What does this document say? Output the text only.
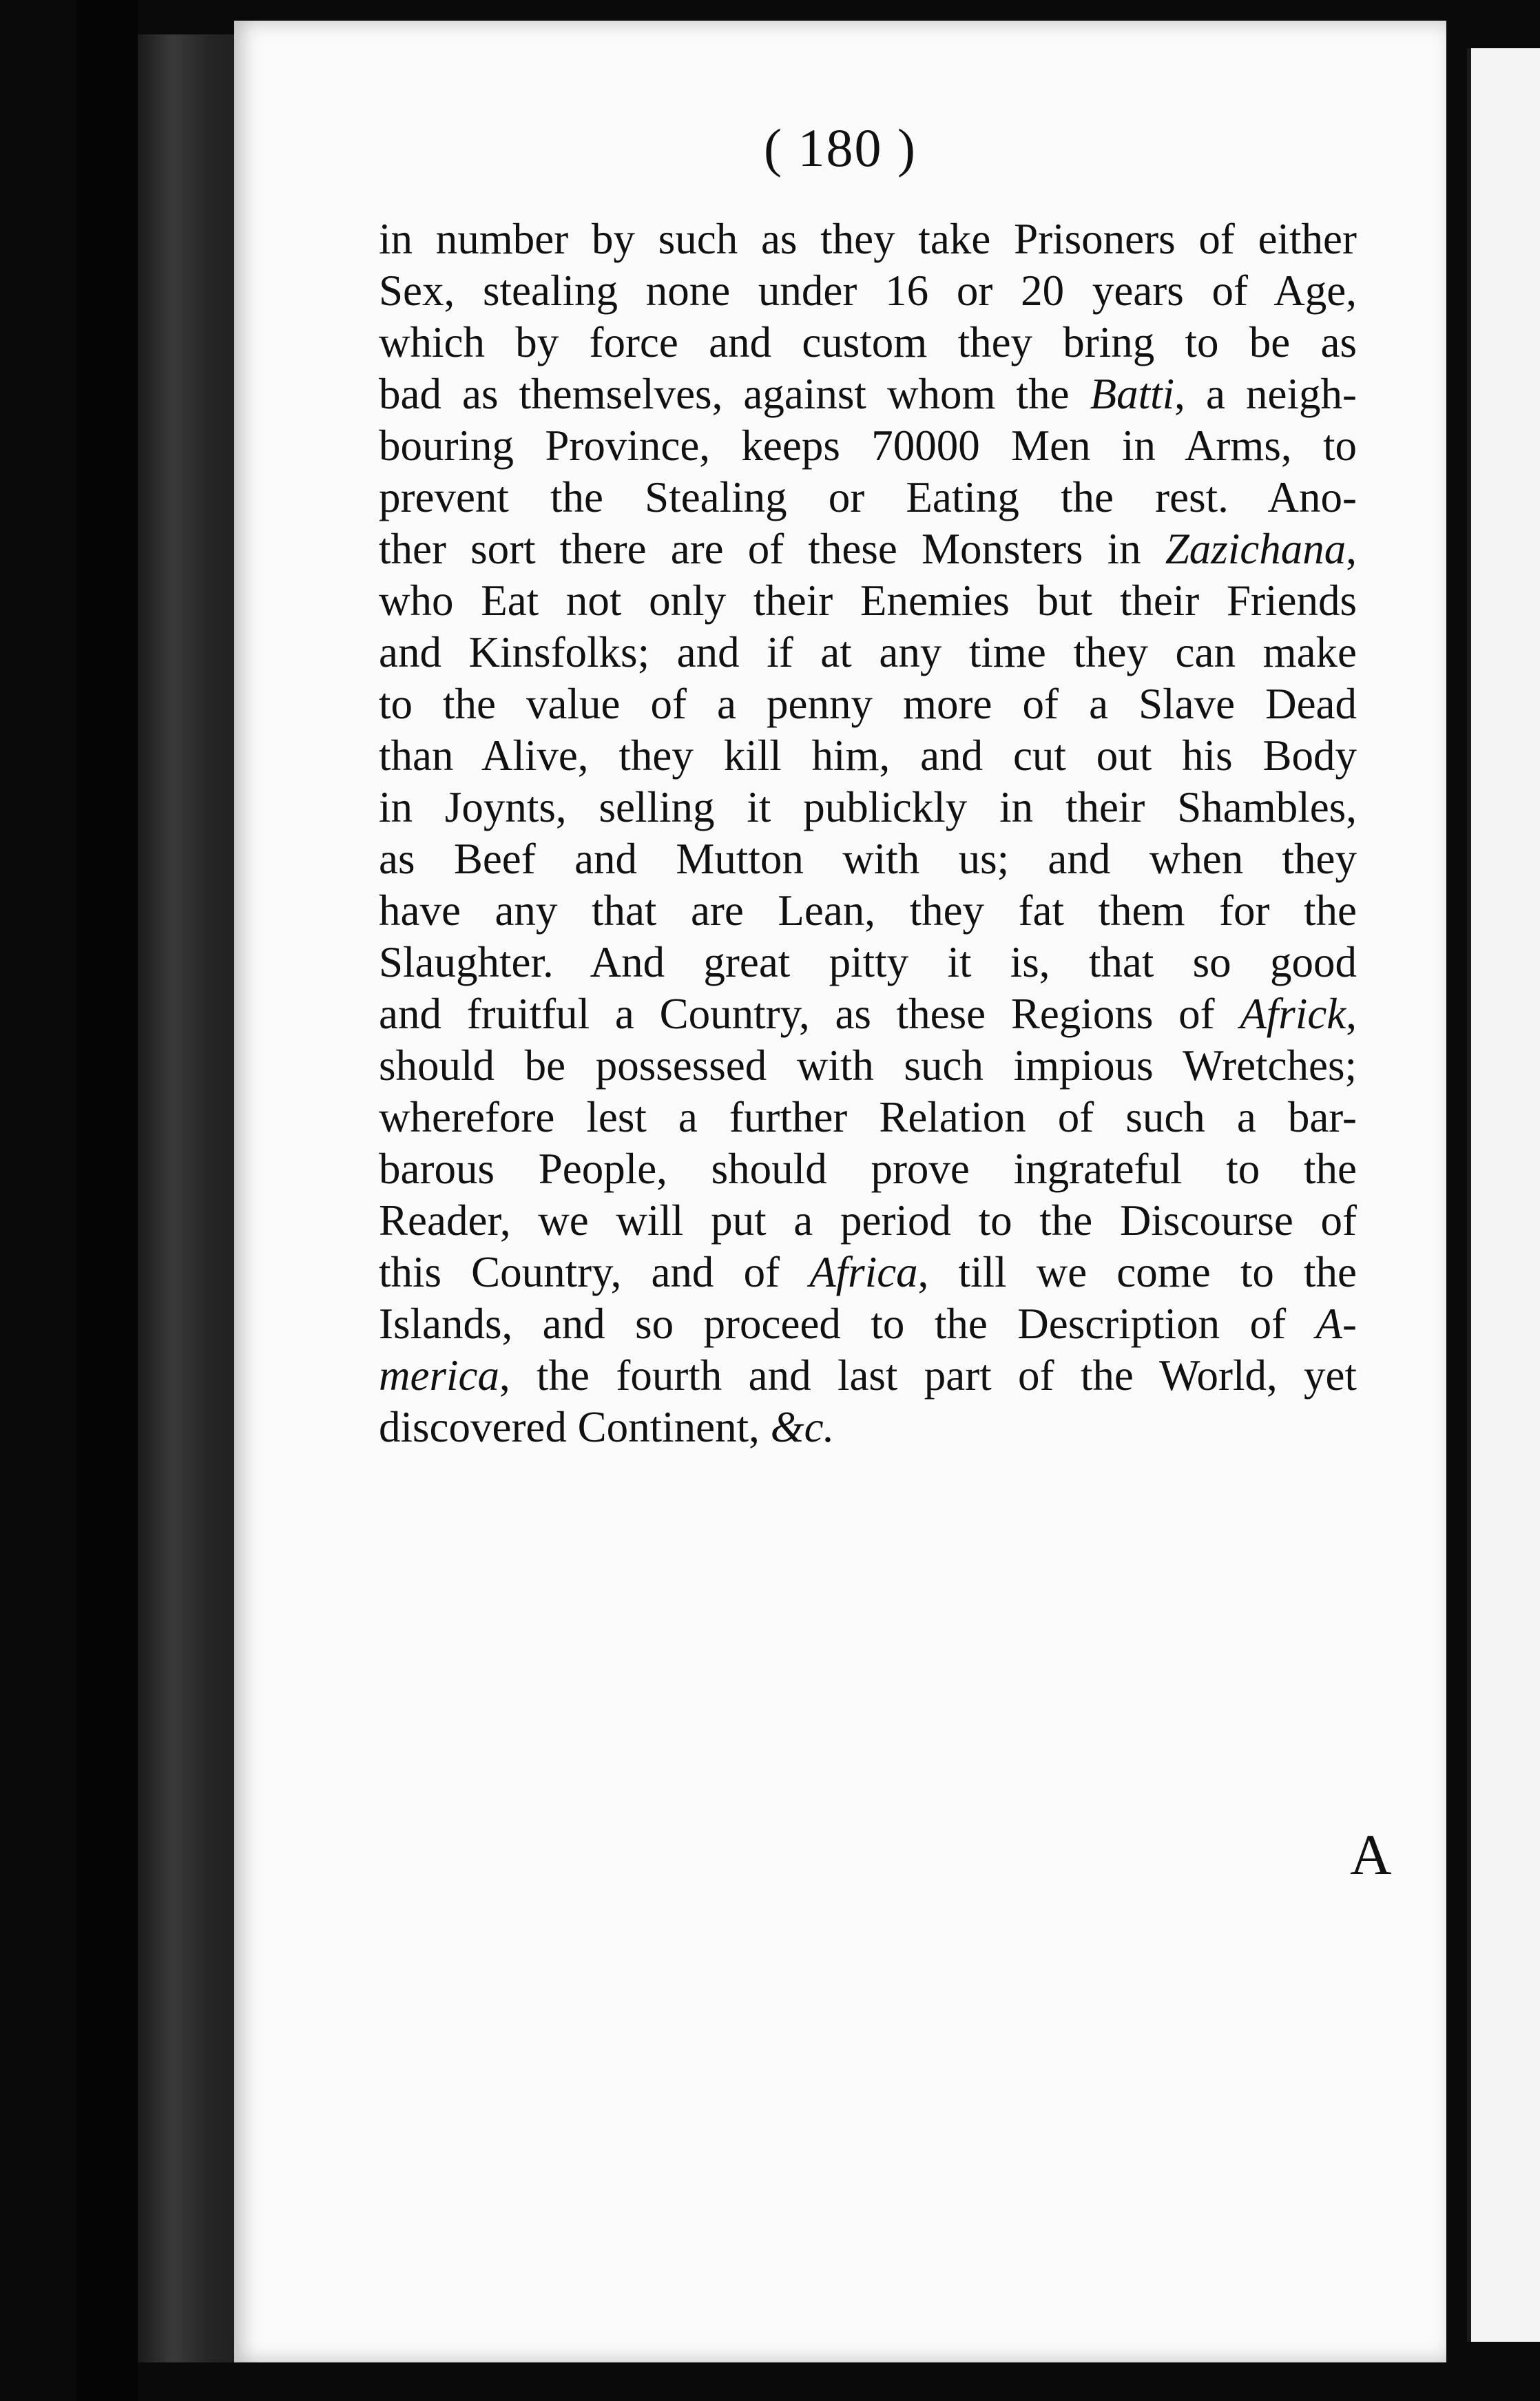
( 180 )
in number by such as they take Prisoners of either
Sex, stealing none under 16 or 20 years of Age,
which by force and custom they bring to be as
bad as themselves, against whom the Batti, a neigh-
bouring Province, keeps 70000 Men in Arms, to
prevent the Stealing or Eating the rest. Ano-
ther sort there are of these Monsters in Zazichana,
who Eat not only their Enemies but their Friends
and Kinsfolks; and if at any time they can make
to the value of a penny more of a Slave Dead
than Alive, they kill him, and cut out his Body
in Joynts, selling it publickly in their Shambles,
as Beef and Mutton with us; and when they
have any that are Lean, they fat them for the
Slaughter. And great pitty it is, that so good
and fruitful a Country, as these Regions of Africk,
should be possessed with such impious Wretches;
wherefore lest a further Relation of such a bar-
barous People, should prove ingrateful to the
Reader, we will put a period to the Discourse of
this Country, and of Africa, till we come to the
Islands, and so proceed to the Description of A-
merica, the fourth and last part of the World, yet
discovered Continent, &c.
A
